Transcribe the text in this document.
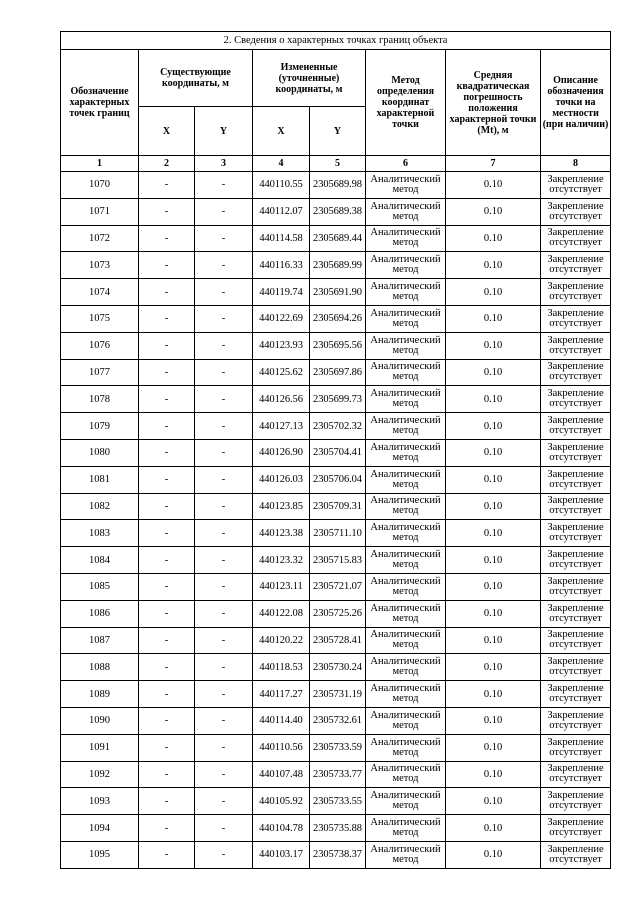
2. Сведения о характерных точках границ объекта							
Обозначение характерных точек границ	Существующие координаты, м		Измененные (уточненные) координаты, м		Метод определения координат характерной точки	Средняя квадратическая погрешность положения характерной точки (Mt), м	Описание обозначения точки на местности (при наличии)
	X	Y	X	Y			
1	2	3	4	5	6	7	8
1070	-	-	440110.55	2305689.98	Аналитический метод	0.10	Закрепление отсутствует
1071	-	-	440112.07	2305689.38	Аналитический метод	0.10	Закрепление отсутствует
1072	-	-	440114.58	2305689.44	Аналитический метод	0.10	Закрепление отсутствует
1073	-	-	440116.33	2305689.99	Аналитический метод	0.10	Закрепление отсутствует
1074	-	-	440119.74	2305691.90	Аналитический метод	0.10	Закрепление отсутствует
1075	-	-	440122.69	2305694.26	Аналитический метод	0.10	Закрепление отсутствует
1076	-	-	440123.93	2305695.56	Аналитический метод	0.10	Закрепление отсутствует
1077	-	-	440125.62	2305697.86	Аналитический метод	0.10	Закрепление отсутствует
1078	-	-	440126.56	2305699.73	Аналитический метод	0.10	Закрепление отсутствует
1079	-	-	440127.13	2305702.32	Аналитический метод	0.10	Закрепление отсутствует
1080	-	-	440126.90	2305704.41	Аналитический метод	0.10	Закрепление отсутствует
1081	-	-	440126.03	2305706.04	Аналитический метод	0.10	Закрепление отсутствует
1082	-	-	440123.85	2305709.31	Аналитический метод	0.10	Закрепление отсутствует
1083	-	-	440123.38	2305711.10	Аналитический метод	0.10	Закрепление отсутствует
1084	-	-	440123.32	2305715.83	Аналитический метод	0.10	Закрепление отсутствует
1085	-	-	440123.11	2305721.07	Аналитический метод	0.10	Закрепление отсутствует
1086	-	-	440122.08	2305725.26	Аналитический метод	0.10	Закрепление отсутствует
1087	-	-	440120.22	2305728.41	Аналитический метод	0.10	Закрепление отсутствует
1088	-	-	440118.53	2305730.24	Аналитический метод	0.10	Закрепление отсутствует
1089	-	-	440117.27	2305731.19	Аналитический метод	0.10	Закрепление отсутствует
1090	-	-	440114.40	2305732.61	Аналитический метод	0.10	Закрепление отсутствует
1091	-	-	440110.56	2305733.59	Аналитический метод	0.10	Закрепление отсутствует
1092	-	-	440107.48	2305733.77	Аналитический метод	0.10	Закрепление отсутствует
1093	-	-	440105.92	2305733.55	Аналитический метод	0.10	Закрепление отсутствует
1094	-	-	440104.78	2305735.88	Аналитический метод	0.10	Закрепление отсутствует
1095	-	-	440103.17	2305738.37	Аналитический метод	0.10	Закрепление отсутствует
